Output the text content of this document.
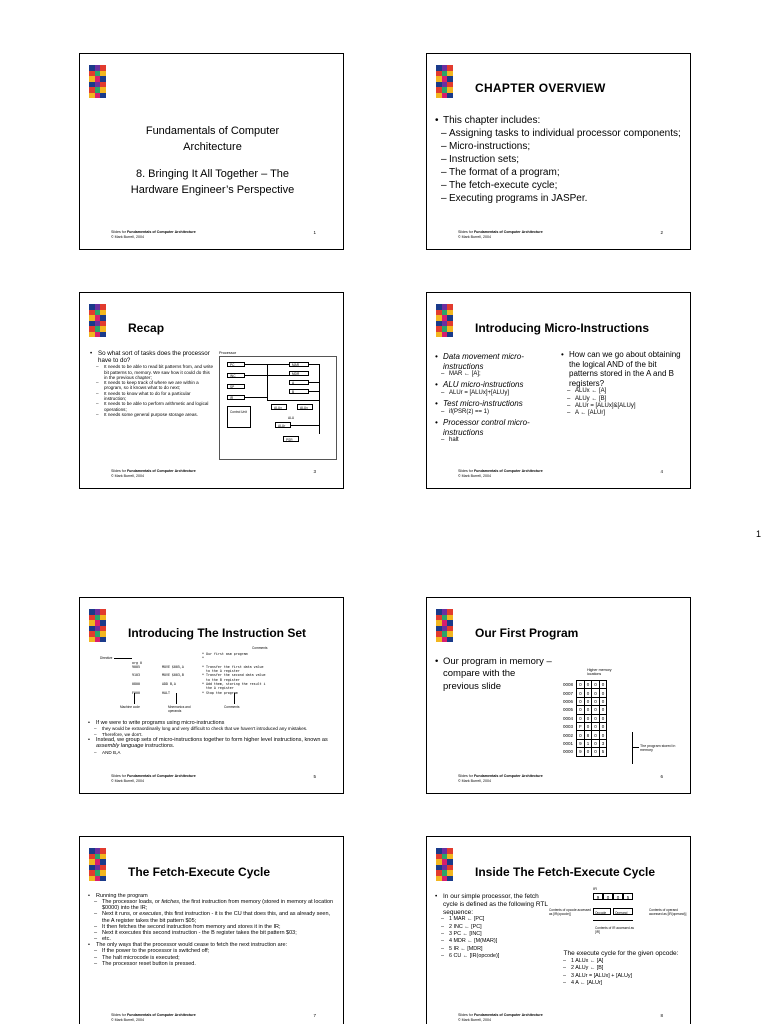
Fundamentals of Computer
Architecture
8. Bringing It All Together – The
Hardware Engineer’s Perspective
Slides for Fundamentals of Computer Architecture
© Mark Burrell, 2004
1
CHAPTER OVERVIEW
• This chapter includes:
– Assigning tasks to individual processor components;
– Micro-instructions;
– Instruction sets;
– The format of a program;
– The fetch-execute cycle;
– Executing programs in JASPer.
Slides for Fundamentals of Computer Architecture
© Mark Burrell, 2004
2
Recap
• So what sort of tasks does the processor have to do?
– It needs to be able to read bit patterns from, and write bit patterns to, memory. We saw how it could do this in the previous chapter;
– It needs to keep track of where we are within a program, so it knows what to do next;
– It needs to know what to do for a particular instruction;
– It needs to be able to perform arithmetic and logical operations;
– It needs some general purpose storage areas.
Processor
PC
INC
SP
IR
MAR
MDR
A
B
Control Unit
ALUx	ALUy
ALU
ALUr
PSR
Slides for Fundamentals of Computer Architecture
© Mark Burrell, 2004
3
Introducing Micro-Instructions
• Data movement micro-instructions
– MAR ← [A];
• ALU micro-instructions
– ALUr = [ALUx]+[ALUy]
• Test micro-instructions
– if(PSR(z) == 1)
• Processor control micro-instructions
– halt
• How can we go about obtaining the logical AND of the bit patterns stored in the A and B registers?
– ALUx ← [A]
– ALUy ← [B]
– ALUr = [ALUx]&[ALUy]
– A ← [ALUr]
Slides for Fundamentals of Computer Architecture
© Mark Burrell, 2004
4
1
Introducing The Instruction Set
Comments
Directive
* Our first asm program
*
org 0
9005	MOVE $005,A	* Transfer the first data value
to the A register
9103	MOVE $003,B	* Transfer the second data value
to the B register
0800	ADD B,A	* Add them, storing the result i
the A register
F000	HALT	* Stop the program
Machine code	Mnemonics and operands
Comments
• If we were to write programs using micro-instructions
– they would be extraordinarily long and very difficult to check that we haven't introduced any mistakes.
– Therefore, we don't.
• Instead, we group sets of micro-instructions together to form higher level instructions, known as assembly language instructions.
– AND B,A
Slides for Fundamentals of Computer Architecture
© Mark Burrell, 2004
5
Our First Program
• Our program in memory – compare with the previous slide
Higher memory locations
0008	0	0	0	0
0007	0	0	0	0
0006	0	0	0	0
0005	0	0	0	0
0004	0	0	0	0
0003	F	0	0	0
0002	0	8	0	0
0001	9	1	0	3
0000	9	0	0	5
The program stored in memory
Slides for Fundamentals of Computer Architecture
© Mark Burrell, 2004
6
The Fetch-Execute Cycle
• Running the program
– The processor loads, or fetches, the first instruction from memory (stored in memory at location $0000) into the IR;
– Next it runs, or executes, this first instruction - it is the CU that does this, and as already seen, the A register takes the bit pattern $05;
– It then fetches the second instruction from memory and stores it in the IR;
– Next it executes this second instruction - the B register takes the bit pattern $03;
– etc.
• The only ways that the processor would cease to fetch the next instruction are:
– If the power to the processor is switched off;
– The halt microcode is executed;
– The processor reset button is pressed.
Slides for Fundamentals of Computer Architecture
© Mark Burrell, 2004
7
Inside The Fetch-Execute Cycle
• In our simple processor, the fetch cycle is defined as the following RTL sequence:
– 1 MAR ← [PC]
– 2 INC ← [PC]
– 3 PC ← [INC]
– 4 MDR ← [M(MAR)]
– 5 IR ← [MDR]
– 6 CU ← [IR(opcode)]
IR
9	0	0	5
Contents of opcode accessed as [IR(opcode)]
Contents of operand accessed as [IR(operand)]
Opcode	Operand
Contents of IR accessed as [IR]
The execute cycle for the given opcode:
– 1 ALUx ← [A]
– 2 ALUy ← [B]
– 3 ALUr = [ALUx] + [ALUy]
– 4 A ← [ALUr]
Slides for Fundamentals of Computer Architecture
© Mark Burrell, 2004
8
